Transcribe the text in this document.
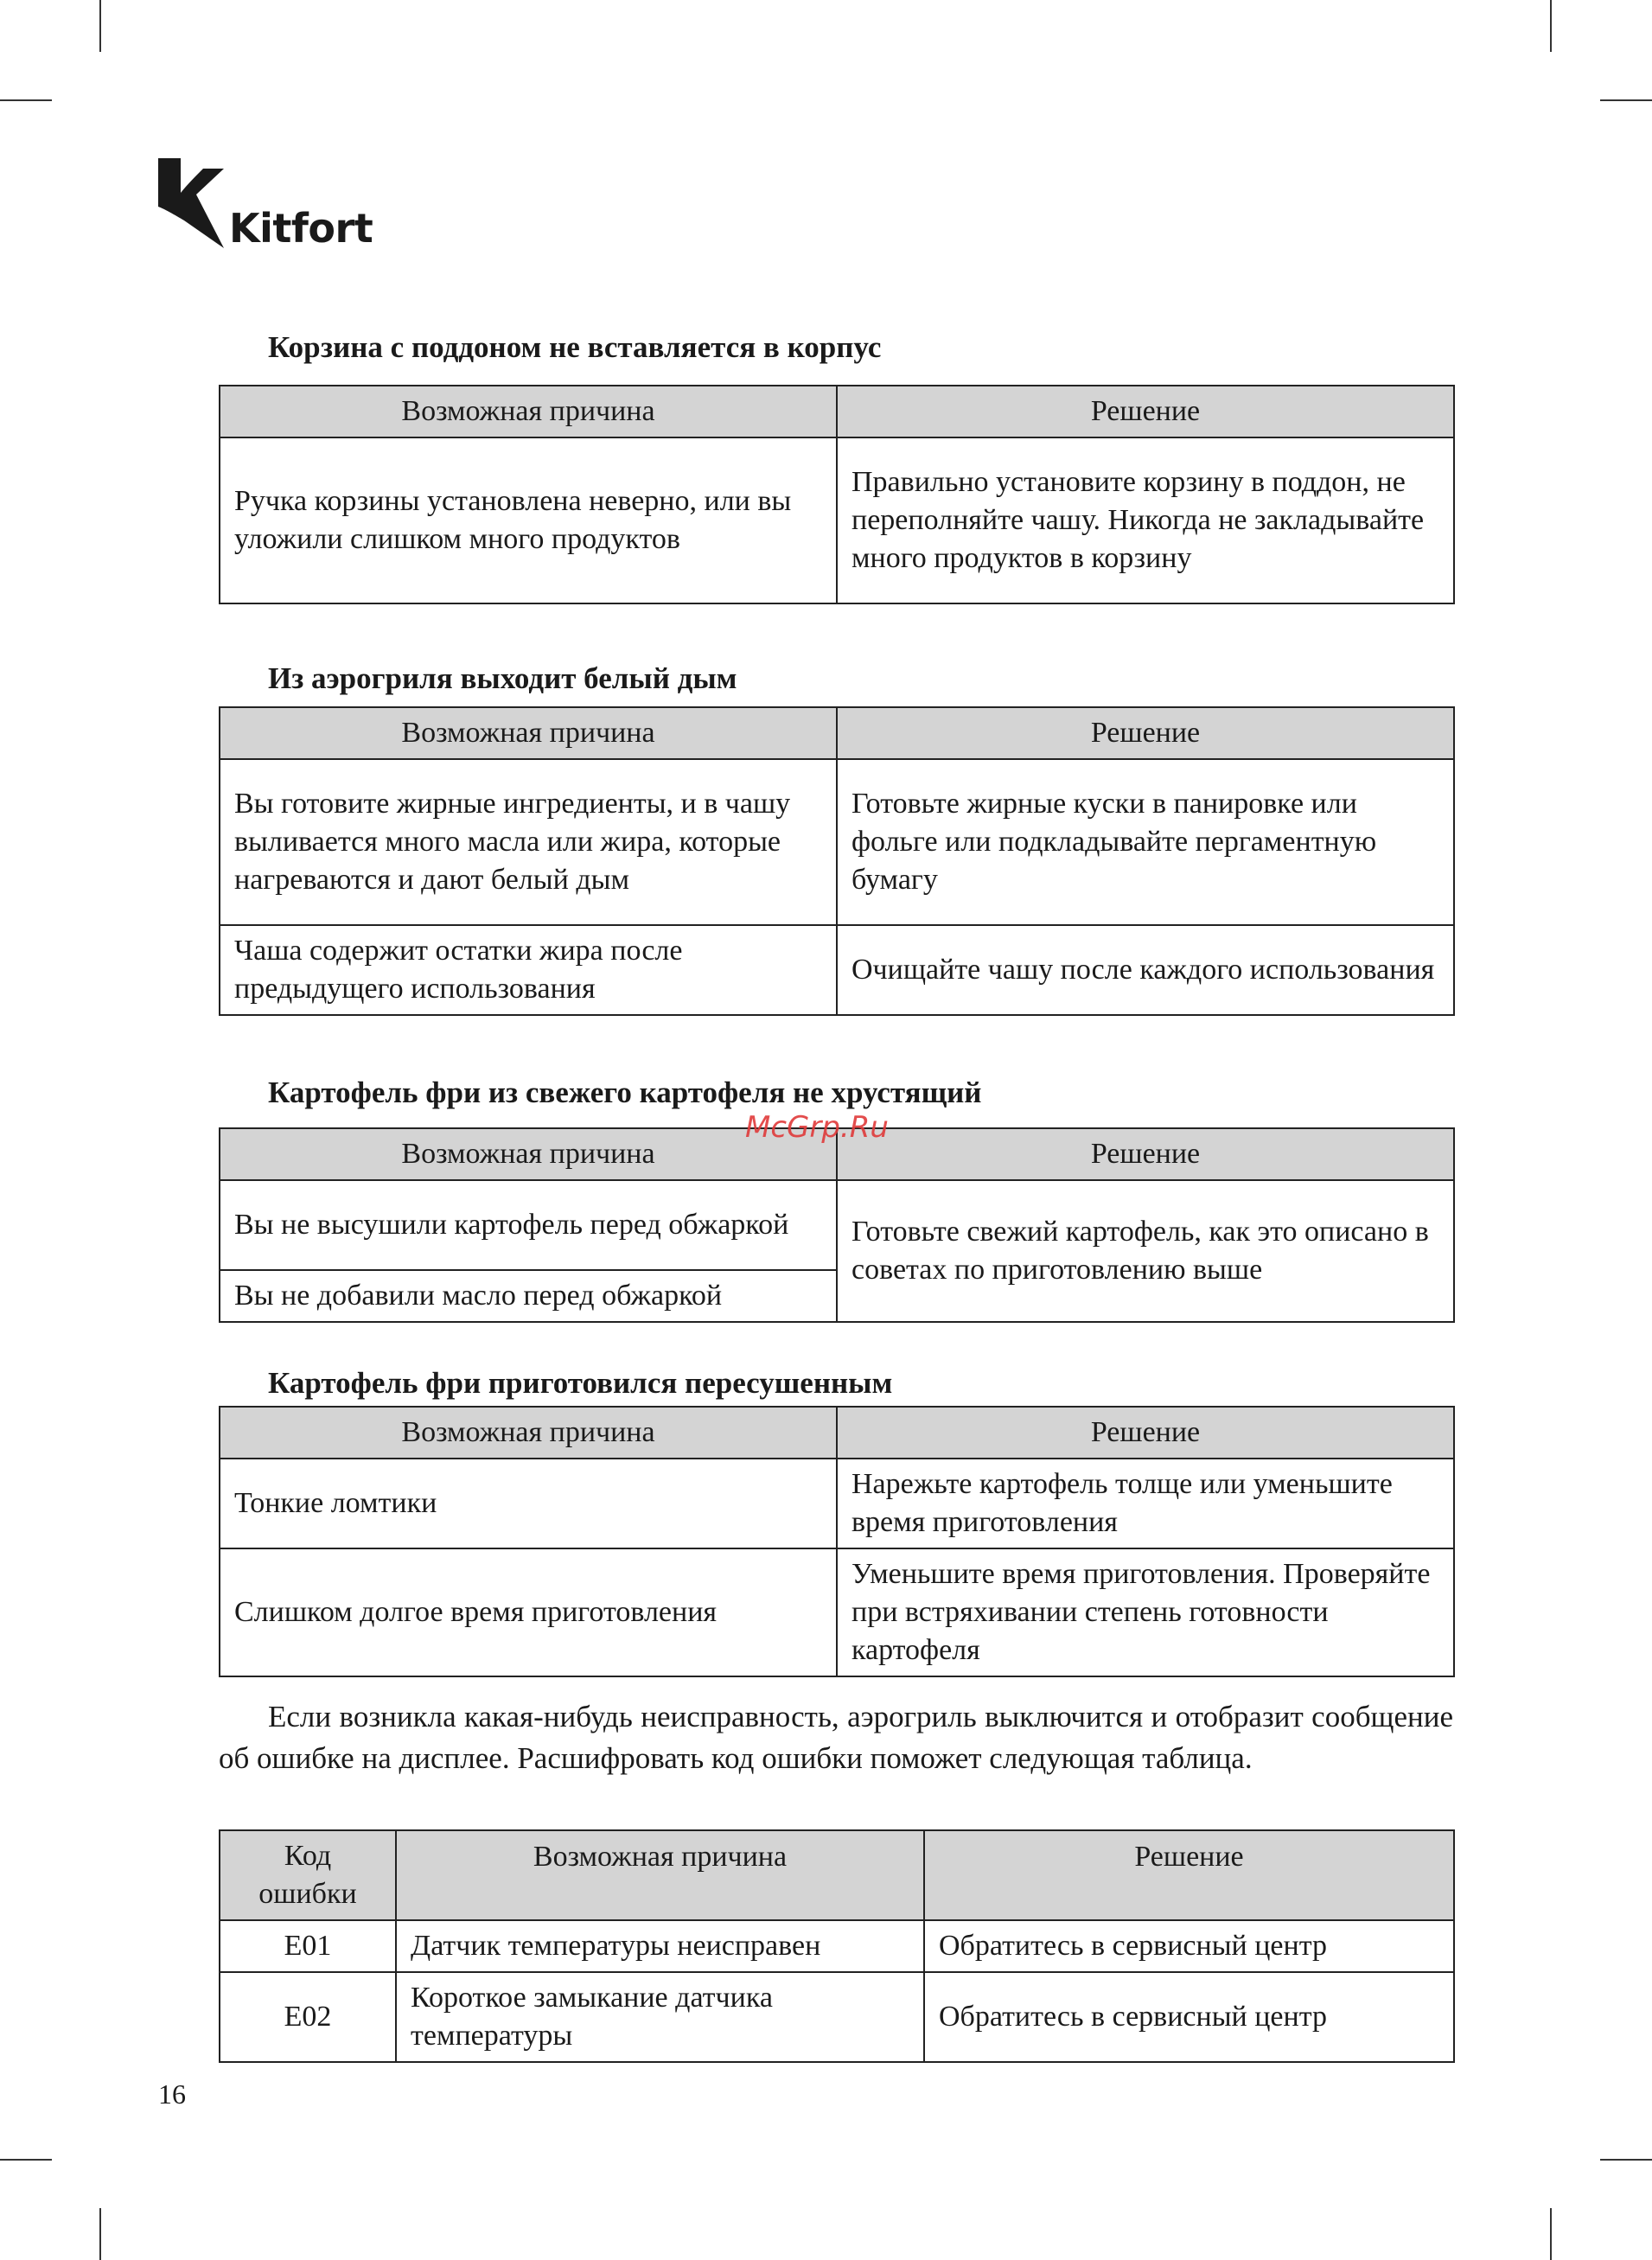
Kitfort
Корзина с поддоном не вставляется в корпус
Возможная причина	Решение
Ручка корзины установлена неверно, или вы уложили слишком много продуктов	Правильно установите корзину в поддон, не переполняйте чашу. Никогда не закладывайте много продуктов в корзину
Из аэрогриля выходит белый дым
Возможная причина	Решение
Вы готовите жирные ингредиенты, и в чашу выливается много масла или жира, которые нагреваются и дают белый дым	Готовьте жирные куски в панировке или фольге или подкладывайте пергаментную бумагу
Чаша содержит остатки жира после предыдущего использования	Очищайте чашу после каждого использования
Картофель фри из свежего картофеля не хрустящий
Возможная причина	Решение
Вы не высушили картофель перед обжаркой	Готовьте свежий картофель, как это описано в советах по приготовлению выше
Вы не добавили масло перед обжаркой	
Картофель фри приготовился пересушенным
Возможная причина	Решение
Тонкие ломтики	Нарежьте картофель толще или уменьшите время приготовления
Слишком долгое время приготовления	Уменьшите время приготовления. Проверяйте при встряхивании степень готовности картофеля

Если возникла какая-нибудь неисправность, аэрогриль выключится и отобразит сообщение об ошибке на дисплее. Расшифровать код ошибки поможет следующая таблица.

Код ошибки	Возможная причина	Решение
E01	Датчик температуры неисправен	Обратитесь в сервисный центр
E02	Короткое замыкание датчика температуры	Обратитесь в сервисный центр
McGrp.Ru
16
